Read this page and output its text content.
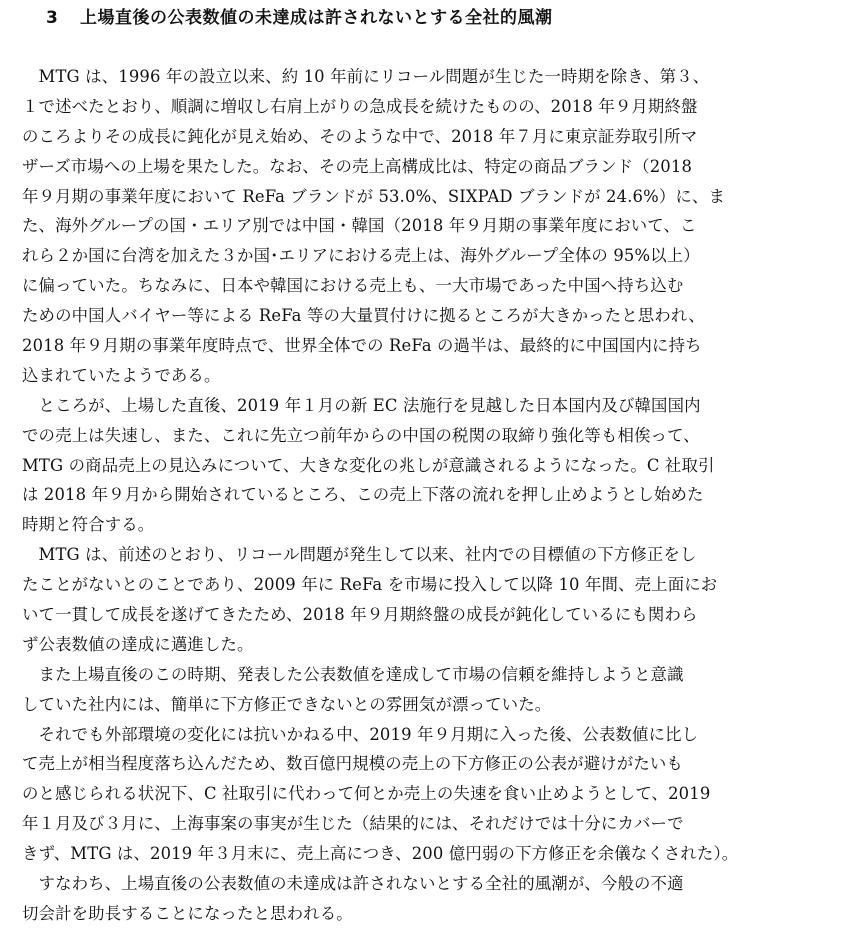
3 上場直後の公表数値の未達成は許されないとする全社的風潮
　MTG は、1996 年の設立以来、約 10 年前にリコール問題が生じた一時期を除き、第３、
１で述べたとおり、順調に増収し右肩上がりの急成長を続けたものの、2018 年９月期終盤
のころよりその成長に鈍化が見え始め、そのような中で、2018 年７月に東京証券取引所マ
ザーズ市場への上場を果たした。なお、その売上高構成比は、特定の商品ブランド（2018
年９月期の事業年度において ReFa ブランドが 53.0%、SIXPAD ブランドが 24.6%）に、ま
た、海外グループの国・エリア別では中国・韓国（2018 年９月期の事業年度において、こ
れら２か国に台湾を加えた３か国･エリアにおける売上は、海外グループ全体の 95%以上）
に偏っていた。ちなみに、日本や韓国における売上も、一大市場であった中国へ持ち込む
ための中国人バイヤー等による ReFa 等の大量買付けに拠るところが大きかったと思われ、
2018 年９月期の事業年度時点で、世界全体での ReFa の過半は、最終的に中国国内に持ち
込まれていたようである。
　ところが、上場した直後、2019 年１月の新 EC 法施行を見越した日本国内及び韓国国内
での売上は失速し、また、これに先立つ前年からの中国の税関の取締り強化等も相俟って、
MTG の商品売上の見込みについて、大きな変化の兆しが意識されるようになった。C 社取引
は 2018 年９月から開始されているところ、この売上下落の流れを押し止めようとし始めた
時期と符合する。
　MTG は、前述のとおり、リコール問題が発生して以来、社内での目標値の下方修正をし
たことがないとのことであり、2009 年に ReFa を市場に投入して以降 10 年間、売上面にお
いて一貫して成長を遂げてきたため、2018 年９月期終盤の成長が鈍化しているにも関わら
ず公表数値の達成に邁進した。
　また上場直後のこの時期、発表した公表数値を達成して市場の信頼を維持しようと意識
していた社内には、簡単に下方修正できないとの雰囲気が漂っていた。
　それでも外部環境の変化には抗いかねる中、2019 年９月期に入った後、公表数値に比し
て売上が相当程度落ち込んだため、数百億円規模の売上の下方修正の公表が避けがたいも
のと感じられる状況下、C 社取引に代わって何とか売上の失速を食い止めようとして、2019
年１月及び３月に、上海事案の事実が生じた（結果的には、それだけでは十分にカバーで
きず、MTG は、2019 年３月末に、売上高につき、200 億円弱の下方修正を余儀なくされた）。
　すなわち、上場直後の公表数値の未達成は許されないとする全社的風潮が、今般の不適
切会計を助長することになったと思われる。
